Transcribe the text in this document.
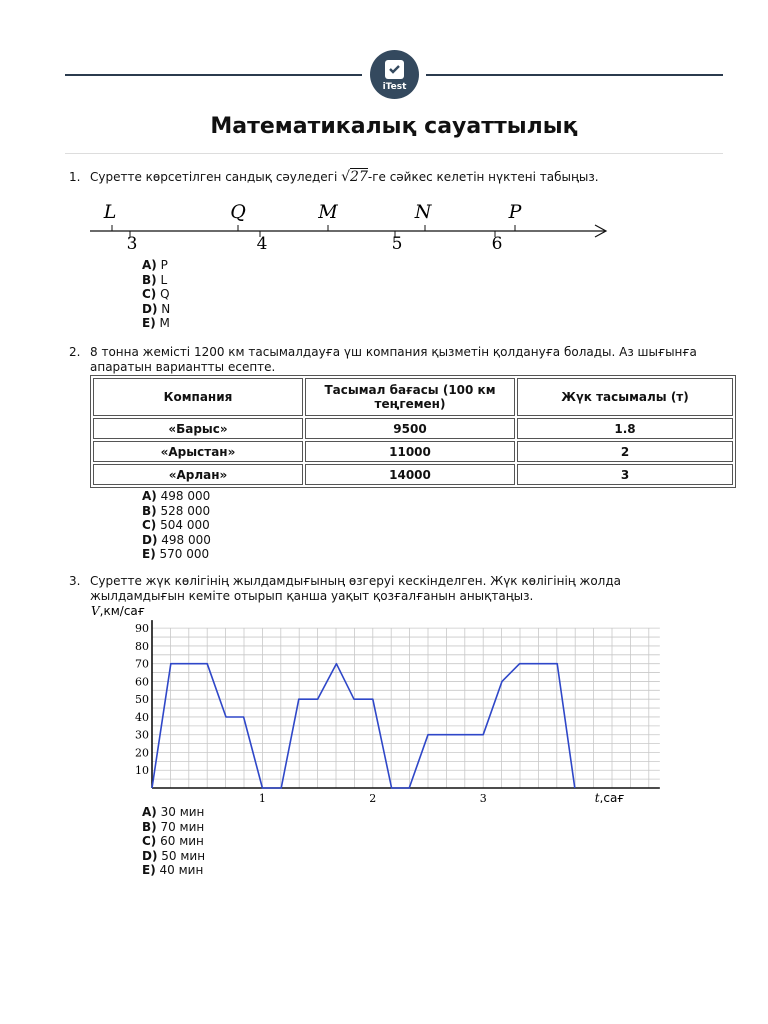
iTest
Математикалық сауаттылық
1. Суретте көрсетілген сандық сәуледегі √27-ге сәйкес келетін нүктені табыңыз.
L	Q	M	N	P
3	4	5	6
A) P
B) L
C) Q
D) N
E) M
2. 8 тонна жемісті 1200 км тасымалдауға үш компания қызметін қолдануға болады. Аз шығынға апаратын вариантты есепте.
Компания	Тасымал бағасы (100 км теңгемен)	Жүк тасымалы (т)
«Барыс»	9500	1.8
«Арыстан»	11000	2
«Арлан»	14000	3
A) 498 000
B) 528 000
C) 504 000
D) 498 000
E) 570 000
3. Суретте жүк көлігінің жылдамдығының өзгеруі кескінделген. Жүк көлігінің жолда жылдамдығын кеміте отырып қанша уақыт қозғалғанын анықтаңыз.
10
20
30
40
50
60
70
80
90
1	2	3
V,км/сағ
t,сағ
A) 30 мин
B) 70 мин
C) 60 мин
D) 50 мин
E) 40 мин
